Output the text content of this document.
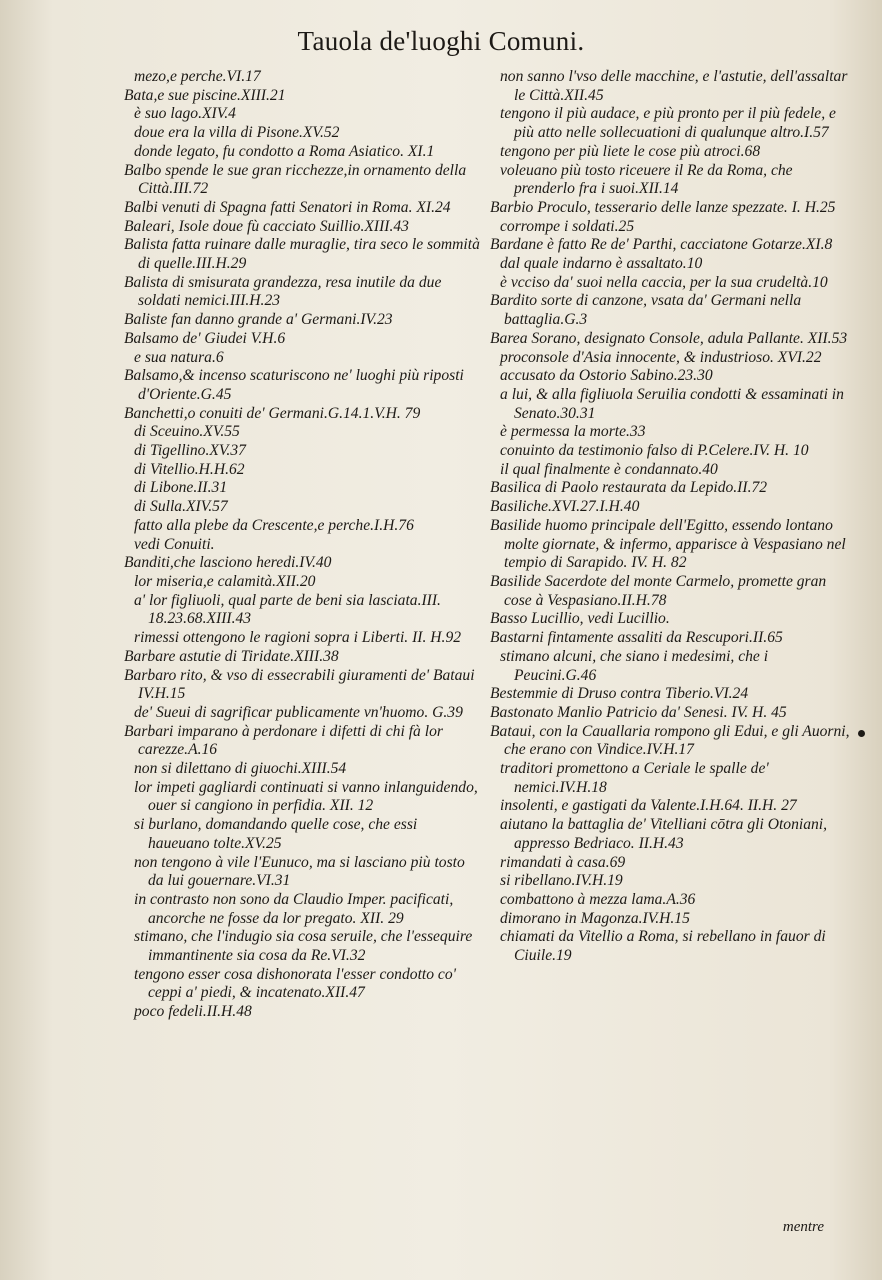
Tauola de'luoghi Comuni.

mezo,e perche.VI.17

Bata,e sue piscine.XIII.21

è suo lago.XIV.4

doue era la villa di Pisone.XV.52

donde legato, fu condotto a Roma Asiatico. XI.1

Balbo spende le sue gran ricchezze,in ornamento della Città.III.72

Balbi venuti di Spagna fatti Senatori in Roma. XI.24

Baleari, Isole doue fù cacciato Suillio.XIII.43

Balista fatta ruinare dalle muraglie, tira seco le sommità di quelle.III.H.29

Balista di smisurata grandezza, resa inutile da due soldati nemici.III.H.23

Baliste fan danno grande a' Germani.IV.23

Balsamo de' Giudei V.H.6

e sua natura.6

Balsamo,& incenso scaturiscono ne' luoghi più riposti d'Oriente.G.45

Banchetti,o conuiti de' Germani.G.14.1.V.H. 79

di Sceuino.XV.55

di Tigellino.XV.37

di Vitellio.H.H.62

di Libone.II.31

di Sulla.XIV.57

fatto alla plebe da Crescente,e perche.I.H.76

vedi Conuiti.

Banditi,che lasciono heredi.IV.40

lor miseria,e calamità.XII.20

a' lor figliuoli, qual parte de beni sia lasciata.III. 18.23.68.XIII.43

rimessi ottengono le ragioni sopra i Liberti. II. H.92

Barbare astutie di Tiridate.XIII.38

Barbaro rito, & vso di essecrabili giuramenti de' Bataui IV.H.15

de' Sueui di sagrificar publicamente vn'huomo. G.39

Barbari imparano à perdonare i difetti di chi fà lor carezze.A.16

non si dilettano di giuochi.XIII.54

lor impeti gagliardi continuati si vanno inlanguidendo, ouer si cangiono in perfidia. XII. 12

si burlano, domandando quelle cose, che essi haueuano tolte.XV.25

non tengono à vile l'Eunuco, ma si lasciano più tosto da lui gouernare.VI.31

in contrasto non sono da Claudio Imper. pacificati, ancorche ne fosse da lor pregato. XII. 29

stimano, che l'indugio sia cosa seruile, che l'essequire immantinente sia cosa da Re.VI.32

tengono esser cosa dishonorata l'esser condotto co' ceppi a' piedi, & incatenato.XII.47

poco fedeli.II.H.48

non sanno l'vso delle macchine, e l'astutie, dell'assaltar le Città.XII.45

tengono il più audace, e più pronto per il più fedele, e più atto nelle sollecuationi di qualunque altro.I.57

tengono per più liete le cose più atroci.68

voleuano più tosto riceuere il Re da Roma, che prenderlo fra i suoi.XII.14

Barbio Proculo, tesserario delle lanze spezzate. I. H.25

corrompe i soldati.25

Bardane è fatto Re de' Parthi, cacciatone Gotarze.XI.8

dal quale indarno è assaltato.10

è vcciso da' suoi nella caccia, per la sua crudeltà.10

Bardito sorte di canzone, vsata da' Germani nella battaglia.G.3

Barea Sorano, designato Console, adula Pallante. XII.53

proconsole d'Asia innocente, & industrioso. XVI.22

accusato da Ostorio Sabino.23.30

a lui, & alla figliuola Seruilia condotti & essaminati in Senato.30.31

è permessa la morte.33

conuinto da testimonio falso di P.Celere.IV. H. 10

il qual finalmente è condannato.40

Basilica di Paolo restaurata da Lepido.II.72

Basiliche.XVI.27.I.H.40

Basilide huomo principale dell'Egitto, essendo lontano molte giornate, & infermo, apparisce à Vespasiano nel tempio di Sarapido. IV. H. 82

Basilide Sacerdote del monte Carmelo, promette gran cose à Vespasiano.II.H.78

Basso Lucillio, vedi Lucillio.

Bastarni fintamente assaliti da Rescupori.II.65

stimano alcuni, che siano i medesimi, che i Peucini.G.46

Bestemmie di Druso contra Tiberio.VI.24

Bastonato Manlio Patricio da' Senesi. IV. H. 45

Bataui, con la Cauallaria rompono gli Edui, e gli Auorni, che erano con Vindice.IV.H.17

traditori promettono a Ceriale le spalle de' nemici.IV.H.18

insolenti, e gastigati da Valente.I.H.64. II.H. 27

aiutano la battaglia de' Vitelliani cōtra gli Otoniani, appresso Bedriaco. II.H.43

rimandati à casa.69

si ribellano.IV.H.19

combattono à mezza lama.A.36

dimorano in Magonza.IV.H.15

chiamati da Vitellio a Roma, si rebellano in fauor di Ciuile.19

mentre
